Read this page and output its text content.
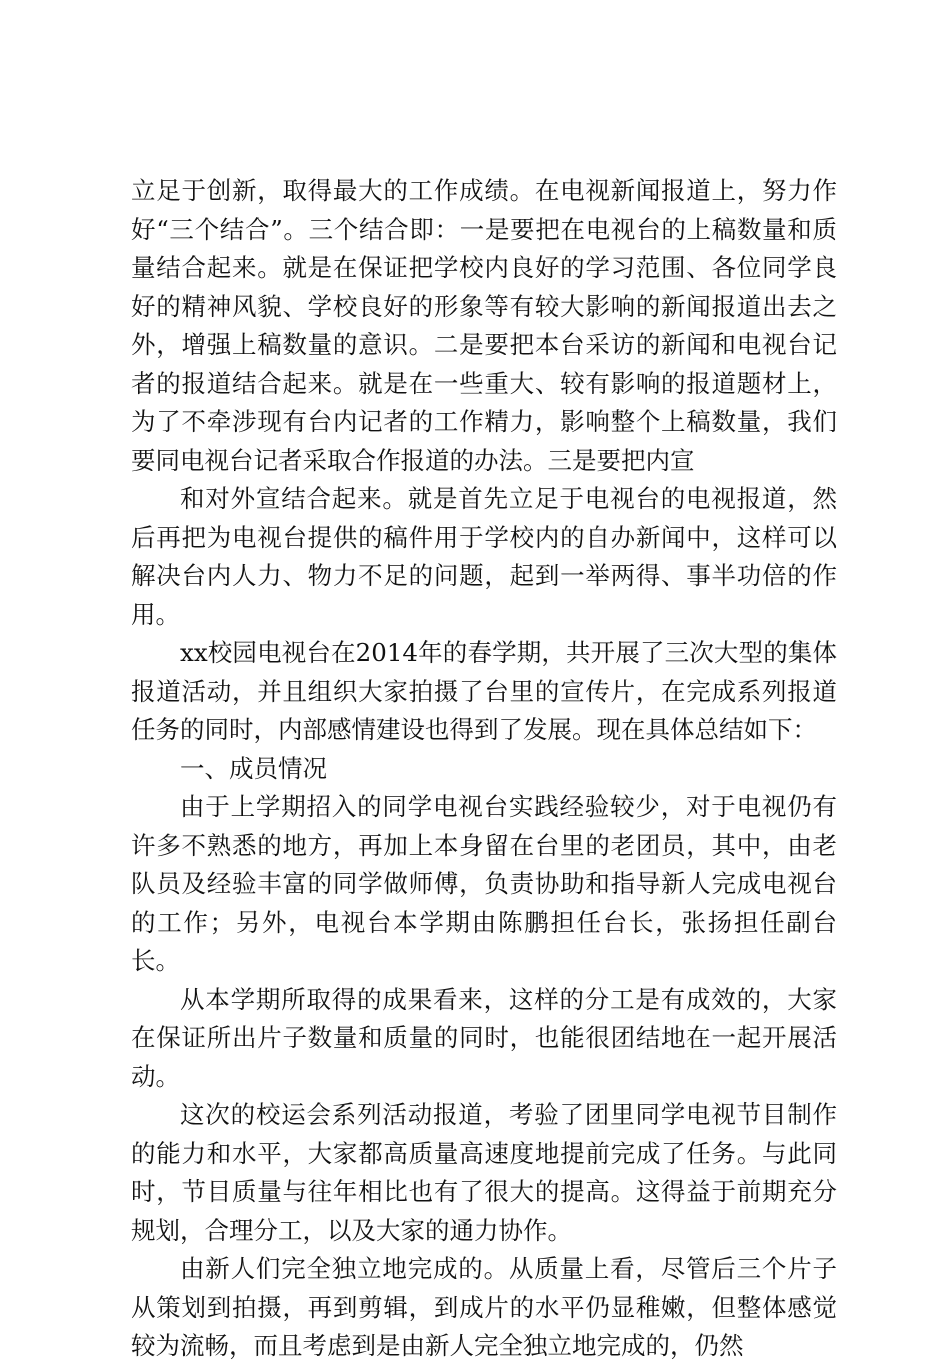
立足于创新，取得最大的工作成绩。在电视新闻报道上，努力作好“三个结合”。三个结合即：一是要把在电视台的上稿数量和质量结合起来。就是在保证把学校内良好的学习范围、各位同学良好的精神风貌、学校良好的形象等有较大影响的新闻报道出去之外，增强上稿数量的意识。二是要把本台采访的新闻和电视台记者的报道结合起来。就是在一些重大、较有影响的报道题材上，为了不牵涉现有台内记者的工作精力，影响整个上稿数量，我们要同电视台记者采取合作报道的办法。三是要把内宣

和对外宣结合起来。就是首先立足于电视台的电视报道，然后再把为电视台提供的稿件用于学校内的自办新闻中，这样可以解决台内人力、物力不足的问题，起到一举两得、事半功倍的作用。

xx校园电视台在2014年的春学期，共开展了三次大型的集体报道活动，并且组织大家拍摄了台里的宣传片，在完成系列报道任务的同时，内部感情建设也得到了发展。现在具体总结如下：

一、成员情况

由于上学期招入的同学电视台实践经验较少，对于电视仍有许多不熟悉的地方，再加上本身留在台里的老团员，其中，由老队员及经验丰富的同学做师傅，负责协助和指导新人完成电视台的工作；另外，电视台本学期由陈鹏担任台长，张扬担任副台长。

从本学期所取得的成果看来，这样的分工是有成效的，大家在保证所出片子数量和质量的同时，也能很团结地在一起开展活动。

这次的校运会系列活动报道，考验了团里同学电视节目制作的能力和水平，大家都高质量高速度地提前完成了任务。与此同时，节目质量与往年相比也有了很大的提高。这得益于前期充分规划，合理分工，以及大家的通力协作。

由新人们完全独立地完成的。从质量上看，尽管后三个片子从策划到拍摄，再到剪辑，到成片的水平仍显稚嫩，但整体感觉较为流畅，而且考虑到是由新人完全独立地完成的，仍然
